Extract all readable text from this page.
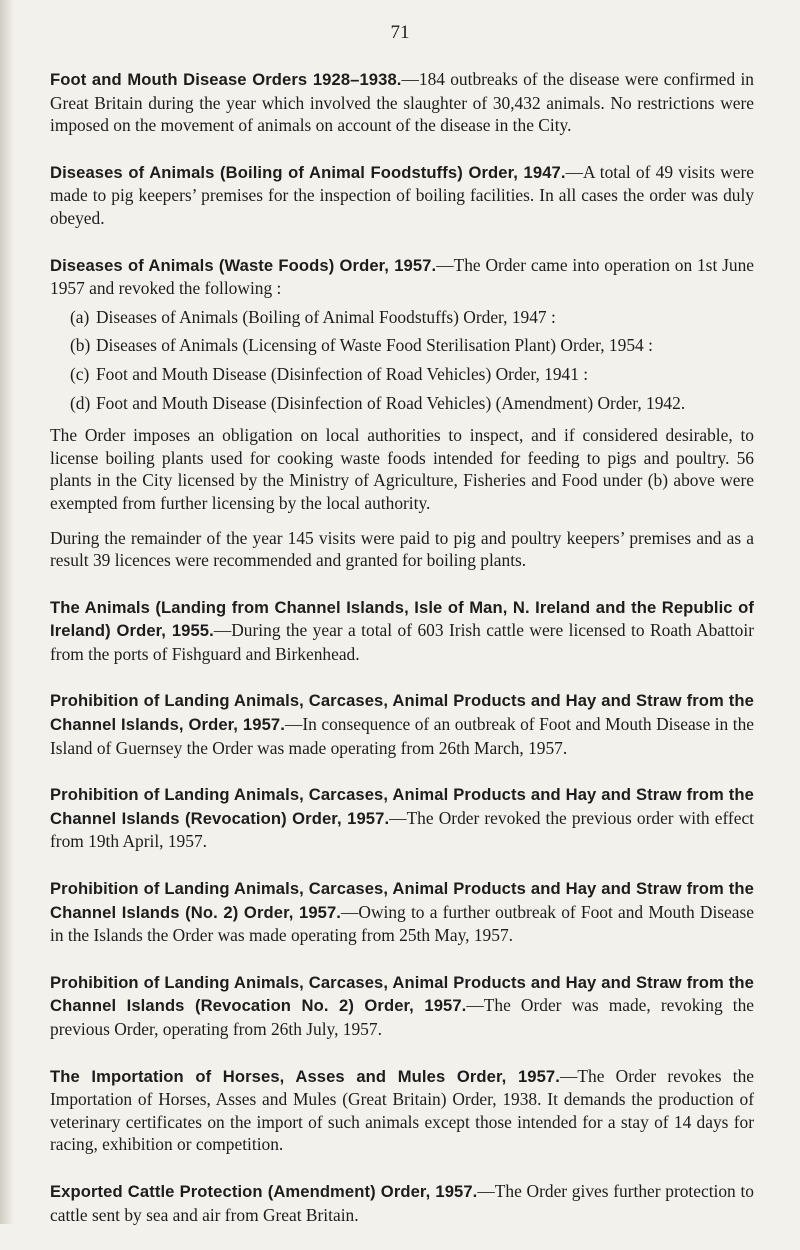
71

Foot and Mouth Disease Orders 1928–1938.—184 outbreaks of the disease were confirmed in Great Britain during the year which involved the slaughter of 30,432 animals. No restrictions were imposed on the movement of animals on account of the disease in the City.

Diseases of Animals (Boiling of Animal Foodstuffs) Order, 1947.—A total of 49 visits were made to pig keepers’ premises for the inspection of boiling facilities. In all cases the order was duly obeyed.

Diseases of Animals (Waste Foods) Order, 1957.—The Order came into operation on 1st June 1957 and revoked the following :

(a) Diseases of Animals (Boiling of Animal Foodstuffs) Order, 1947 :
(b) Diseases of Animals (Licensing of Waste Food Sterilisation Plant) Order, 1954 :
(c) Foot and Mouth Disease (Disinfection of Road Vehicles) Order, 1941 :
(d) Foot and Mouth Disease (Disinfection of Road Vehicles) (Amendment) Order, 1942.

The Order imposes an obligation on local authorities to inspect, and if considered desirable, to license boiling plants used for cooking waste foods intended for feeding to pigs and poultry. 56 plants in the City licensed by the Ministry of Agriculture, Fisheries and Food under (b) above were exempted from further licensing by the local authority.

During the remainder of the year 145 visits were paid to pig and poultry keepers’ premises and as a result 39 licences were recommended and granted for boiling plants.

The Animals (Landing from Channel Islands, Isle of Man, N. Ireland and the Republic of Ireland) Order, 1955.—During the year a total of 603 Irish cattle were licensed to Roath Abattoir from the ports of Fishguard and Birkenhead.

Prohibition of Landing Animals, Carcases, Animal Products and Hay and Straw from the Channel Islands, Order, 1957.—In consequence of an outbreak of Foot and Mouth Disease in the Island of Guernsey the Order was made operating from 26th March, 1957.

Prohibition of Landing Animals, Carcases, Animal Products and Hay and Straw from the Channel Islands (Revocation) Order, 1957.—The Order revoked the previous order with effect from 19th April, 1957.

Prohibition of Landing Animals, Carcases, Animal Products and Hay and Straw from the Channel Islands (No. 2) Order, 1957.—Owing to a further outbreak of Foot and Mouth Disease in the Islands the Order was made operating from 25th May, 1957.

Prohibition of Landing Animals, Carcases, Animal Products and Hay and Straw from the Channel Islands (Revocation No. 2) Order, 1957.—The Order was made, revoking the previous Order, operating from 26th July, 1957.

The Importation of Horses, Asses and Mules Order, 1957.—The Order revokes the Importation of Horses, Asses and Mules (Great Britain) Order, 1938. It demands the production of veterinary certificates on the import of such animals except those intended for a stay of 14 days for racing, exhibition or competition.

Exported Cattle Protection (Amendment) Order, 1957.—The Order gives further protection to cattle sent by sea and air from Great Britain.
